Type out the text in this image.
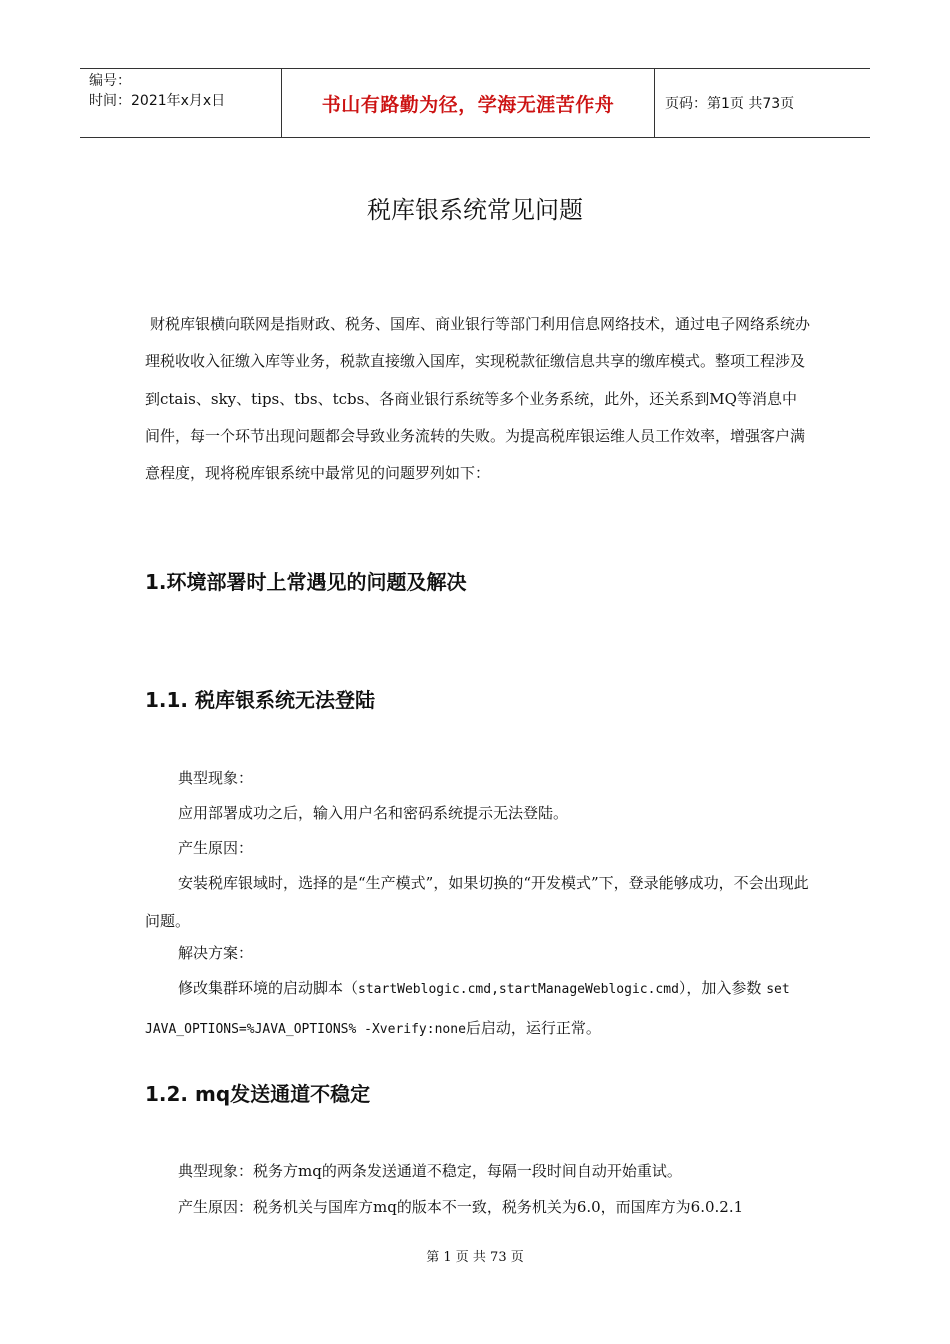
编号：
时间：2021年x月x日	书山有路勤为径，学海无涯苦作舟	页码：第1页 共73页
税库银系统常见问题

财税库银横向联网是指财政、税务、国库、商业银行等部门利用信息网络技术，通过电子网络系统办理税收收入征缴入库等业务，税款直接缴入国库，实现税款征缴信息共享的缴库模式。整项工程涉及到ctais、sky、tips、tbs、tcbs、各商业银行系统等多个业务系统，此外，还关系到MQ等消息中间件，每一个环节出现问题都会导致业务流转的失败。为提高税库银运维人员工作效率，增强客户满意程度，现将税库银系统中最常见的问题罗列如下：

1.环境部署时上常遇见的问题及解决
1.1. 税库银系统无法登陆

典型现象：

应用部署成功之后，输入用户名和密码系统提示无法登陆。

产生原因：

安装税库银域时，选择的是“生产模式”，如果切换的“开发模式”下，登录能够成功，不会出现此问题。

解决方案：

修改集群环境的启动脚本（startWeblogic.cmd,startManageWeblogic.cmd），加入参数 set JAVA_OPTIONS=%JAVA_OPTIONS% -Xverify:none后启动，运行正常。

1.2. mq发送通道不稳定

典型现象：税务方mq的两条发送通道不稳定，每隔一段时间自动开始重试。

产生原因：税务机关与国库方mq的版本不一致，税务机关为6.0，而国库方为6.0.2.1

第 1 页 共 73 页
